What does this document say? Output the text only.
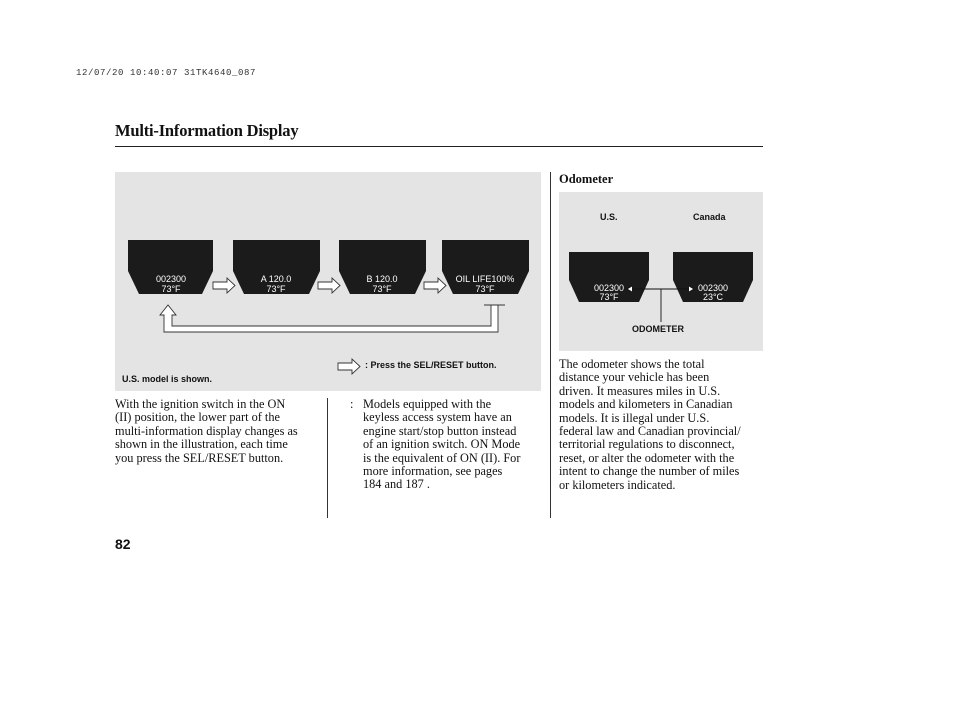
12/07/20 10:40:07 31TK4640_087
Multi-Information Display
002300
73°F
A 120.0
73°F
B 120.0
73°F
OIL LIFE100%
73°F
: Press the SEL/RESET button.
U.S. model is shown.
With the ignition switch in the ON
(II) position, the lower part of the
multi-information display changes as
shown in the illustration, each time
you press the SEL/RESET button.
: Models equipped with the
keyless access system have an
engine start/stop button instead
of an ignition switch. ON Mode
is the equivalent of ON (II). For
more information, see pages
184 and 187 .
Odometer
U.S.	Canada
002300
73°F
002300
23°C
ODOMETER
The odometer shows the total
distance your vehicle has been
driven. It measures miles in U.S.
models and kilometers in Canadian
models. It is illegal under U.S.
federal law and Canadian provincial/
territorial regulations to disconnect,
reset, or alter the odometer with the
intent to change the number of miles
or kilometers indicated.
82
